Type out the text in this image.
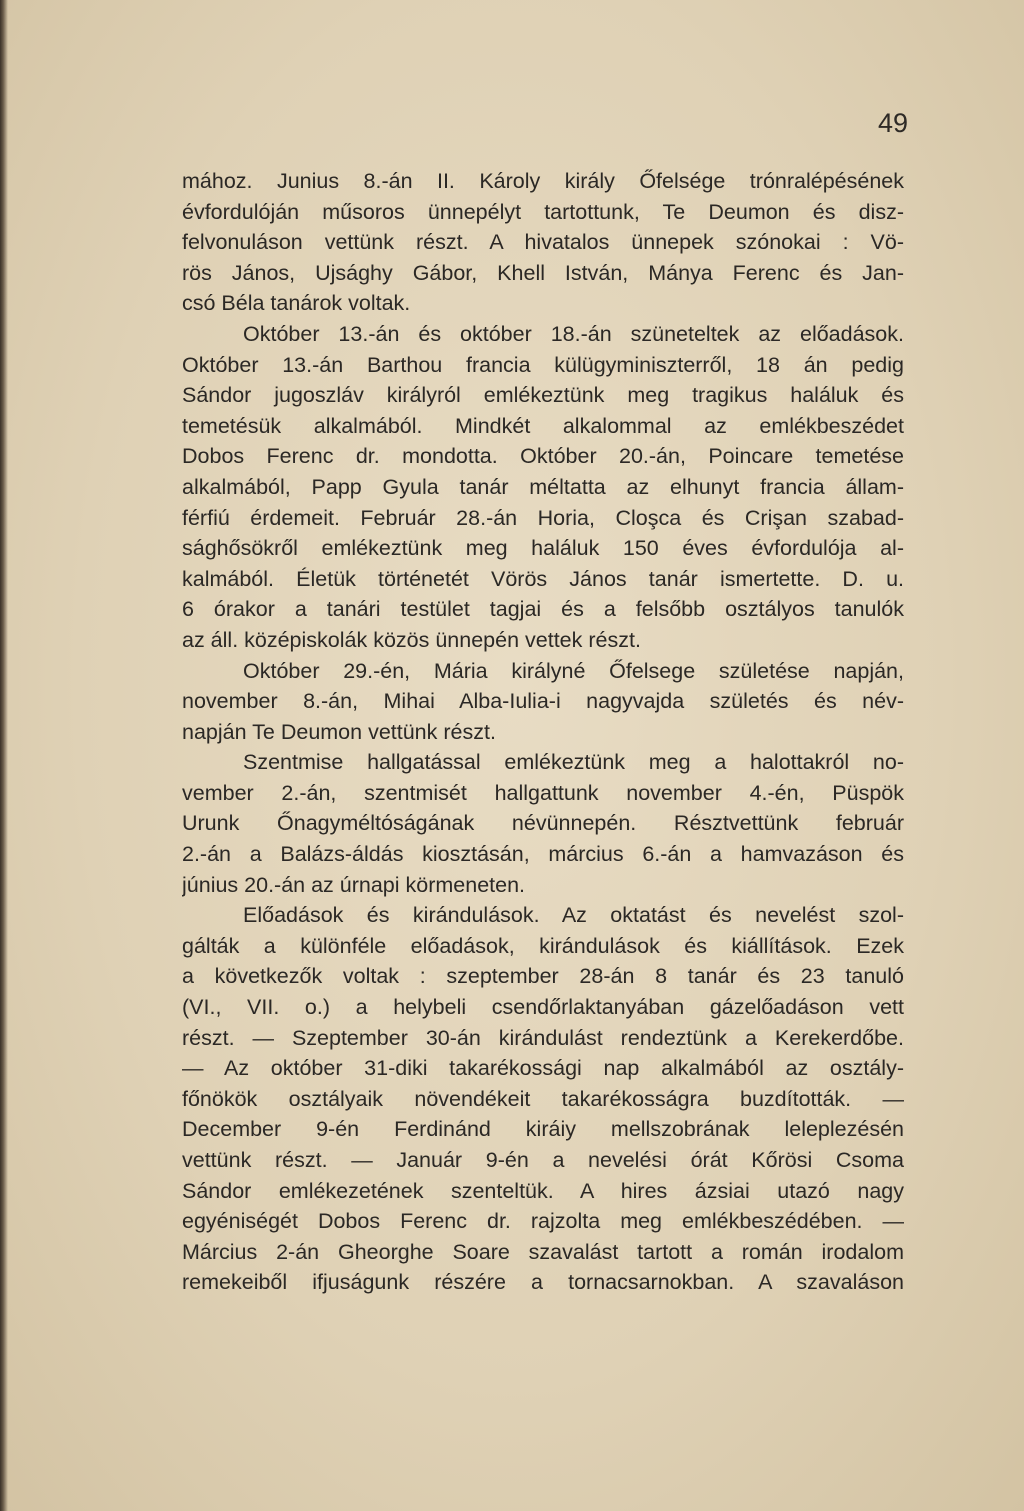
49
mához. Junius 8.-án II. Károly király Őfelsége trónralépésének
évfordulóján műsoros ünnepélyt tartottunk, Te Deumon és disz-
felvonuláson vettünk részt. A hivatalos ünnepek szónokai : Vö-
rös János, Ujsághy Gábor, Khell István, Mánya Ferenc és Jan-
csó Béla tanárok voltak.
Október 13.-án és október 18.-án szüneteltek az előadások.
Október 13.-án Barthou francia külügyminiszterről, 18 án pedig
Sándor jugoszláv királyról emlékeztünk meg tragikus haláluk és
temetésük alkalmából. Mindkét alkalommal az emlékbeszédet
Dobos Ferenc dr. mondotta. Október 20.-án, Poincare temetése
alkalmából, Papp Gyula tanár méltatta az elhunyt francia állam-
férfiú érdemeit. Február 28.-án Horia, Cloşca és Crişan szabad-
sághősökről emlékeztünk meg haláluk 150 éves évfordulója al-
kalmából. Életük történetét Vörös János tanár ismertette. D. u.
6 órakor a tanári testület tagjai és a felsőbb osztályos tanulók
az áll. középiskolák közös ünnepén vettek részt.
Október 29.-én, Mária királyné Őfelsege születése napján,
november 8.-án, Mihai Alba-Iulia-i nagyvajda születés és név-
napján Te Deumon vettünk részt.
Szentmise hallgatással emlékeztünk meg a halottakról no-
vember 2.-án, szentmisét hallgattunk november 4.-én, Püspök
Urunk Őnagyméltóságának névünnepén. Résztvettünk február
2.-án a Balázs-áldás kiosztásán, március 6.-án a hamvazáson és
június 20.-án az úrnapi körmeneten.
Előadások és kirándulások. Az oktatást és nevelést szol-
gálták a különféle előadások, kirándulások és kiállítások. Ezek
a következők voltak : szeptember 28-án 8 tanár és 23 tanuló
(VI., VII. o.) a helybeli csendőrlaktanyában gázelőadáson vett
részt. — Szeptember 30-án kirándulást rendeztünk a Kerekerdőbe.
— Az október 31-diki takarékossági nap alkalmából az osztály-
főnökök osztályaik növendékeit takarékosságra buzdították. —
December 9-én Ferdinánd kiráiy mellszobrának leleplezésén
vettünk részt. — Január 9-én a nevelési órát Kőrösi Csoma
Sándor emlékezetének szenteltük. A hires ázsiai utazó nagy
egyéniségét Dobos Ferenc dr. rajzolta meg emlékbeszédében. —
Március 2-án Gheorghe Soare szavalást tartott a román irodalom
remekeiből ifjuságunk részére a tornacsarnokban. A szavaláson
